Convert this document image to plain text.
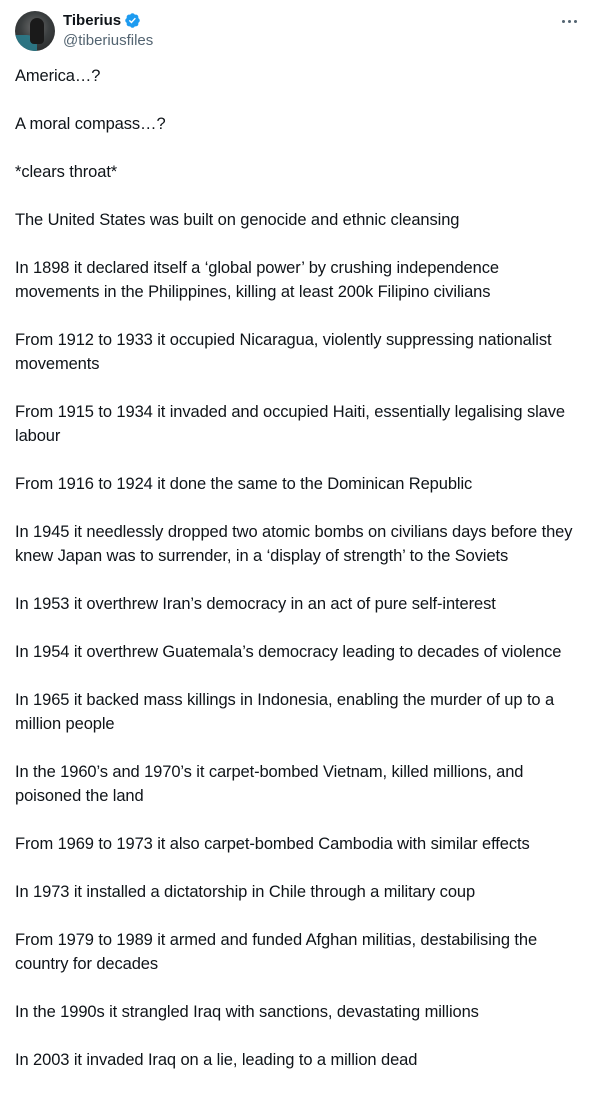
Tiberius
@tiberiusfiles

America…?

A moral compass…?

*clears throat*

The United States was built on genocide and ethnic cleansing

In 1898 it declared itself a ‘global power’ by crushing independence movements in the Philippines, killing at least 200k Filipino civilians

From 1912 to 1933 it occupied Nicaragua, violently suppressing nationalist movements

From 1915 to 1934 it invaded and occupied Haiti, essentially legalising slave labour

From 1916 to 1924 it done the same to the Dominican Republic

In 1945 it needlessly dropped two atomic bombs on civilians days before they knew Japan was to surrender, in a ‘display of strength’ to the Soviets

In 1953 it overthrew Iran’s democracy in an act of pure self-interest

In 1954 it overthrew Guatemala’s democracy leading to decades of violence

In 1965 it backed mass killings in Indonesia, enabling the murder of up to a million people

In the 1960’s and 1970’s it carpet-bombed Vietnam, killed millions, and poisoned the land

From 1969 to 1973 it also carpet-bombed Cambodia with similar effects

In 1973 it installed a dictatorship in Chile through a military coup

From 1979 to 1989 it armed and funded Afghan militias, destabilising the country for decades

In the 1990s it strangled Iraq with sanctions, devastating millions

In 2003 it invaded Iraq on a lie, leading to a million dead
